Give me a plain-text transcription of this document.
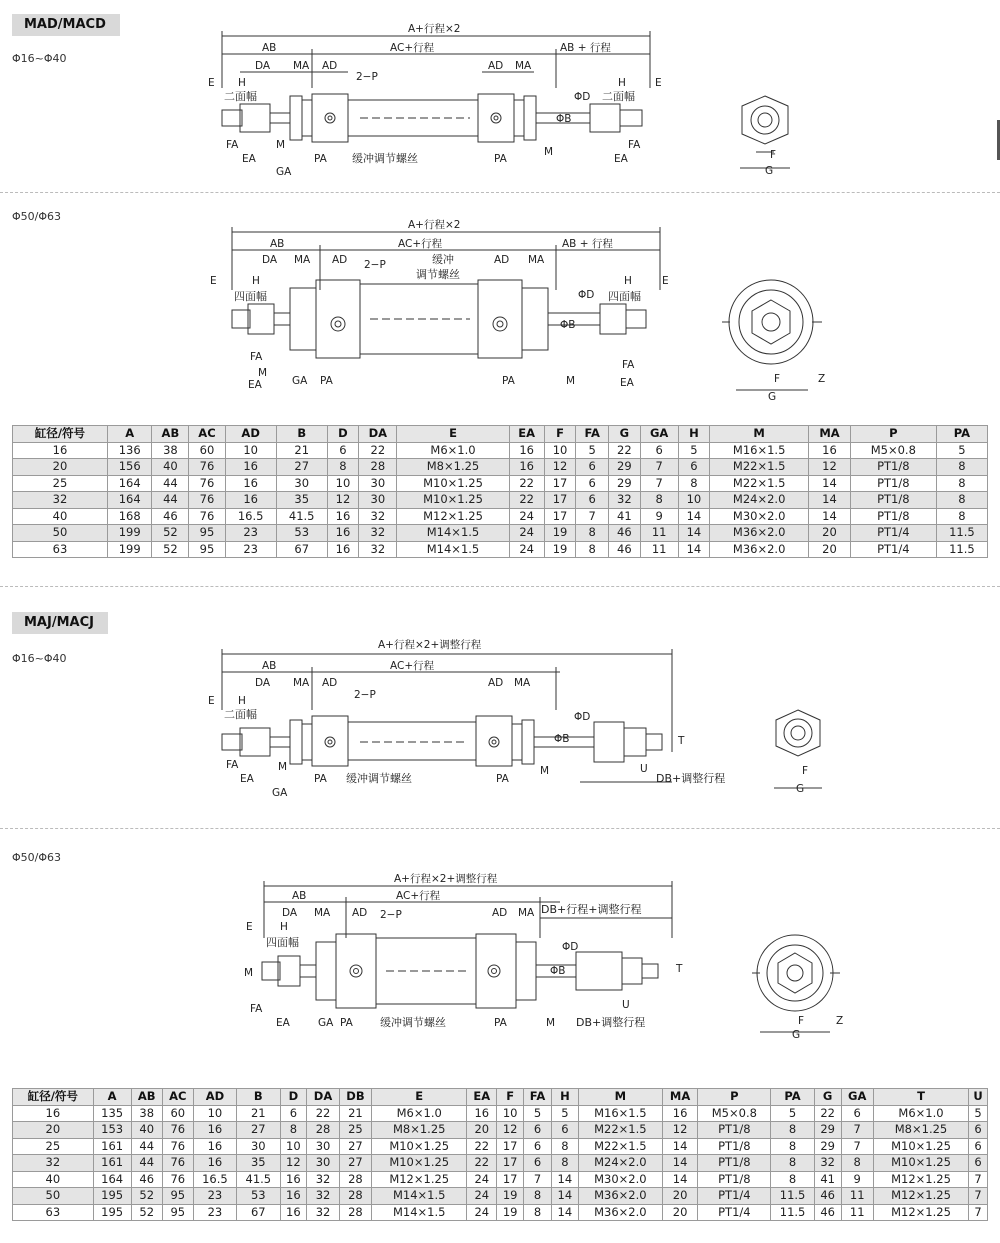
MAD/MACD
Φ16~Φ40
A+行程×2
AB	AC+行程	AB + 行程
DA MA AD
2−P
AD MA
E H
二面幅
FA
EA
GA
M
PA 缓冲调节螺丝	PA
M
ΦB
ΦD
H	E
二面幅
FA
EA	F
G
Φ50/Φ63
A+行程×2
AB	AC+行程	AB + 行程
DA MA AD 2−P	缓冲
调节螺丝
AD MA
E	H
四面幅
FA
M
EA	GA PA	PA	M
ΦB
ΦD
H	E
四面幅
FA
EA	F
G
Z
缸径/符号	A	AB	AC	AD	B	D	DA	E	EA	F	FA	G	GA	H	M	MA	P	PA
16	136	38	60	10	21	6	22	M6×1.0	16	10	5	22	6	5	M16×1.5	16	M5×0.8	5
20	156	40	76	16	27	8	28	M8×1.25	16	12	6	29	7	6	M22×1.5	12	PT1/8	8
25	164	44	76	16	30	10	30	M10×1.25	22	17	6	29	7	8	M22×1.5	14	PT1/8	8
32	164	44	76	16	35	12	30	M10×1.25	22	17	6	32	8	10	M24×2.0	14	PT1/8	8
40	168	46	76	16.5	41.5	16	32	M12×1.25	24	17	7	41	9	14	M30×2.0	14	PT1/8	8
50	199	52	95	23	53	16	32	M14×1.5	24	19	8	46	11	14	M36×2.0	20	PT1/4	11.5
63	199	52	95	23	67	16	32	M14×1.5	24	19	8	46	11	14	M36×2.0	20	PT1/4	11.5
MAJ/MACJ
Φ16~Φ40
A+行程×2+调整行程
AB	AC+行程
DA MA AD
2−P
AD MA
E H
二面幅
FA
EA
GA
M
PA 缓冲调节螺丝	PA
M
ΦB
ΦD
U
T
DB+调整行程
F
G
Φ50/Φ63
A+行程×2+调整行程
AB	AC+行程
DB+行程+调整行程
DA MA AD 2−P	AD MA
E	H
四面幅
M
FA
EA	GA PA 缓冲调节螺丝	PA	M
ΦB
ΦD
U
T
DB+调整行程	F
G
Z
缸径/符号	A	AB	AC	AD	B	D	DA	DB	E	EA	F	FA	H	M	MA	P	PA	G	GA	T	U
16	135	38	60	10	21	6	22	21	M6×1.0	16	10	5	5	M16×1.5	16	M5×0.8	5	22	6	M6×1.0	5
20	153	40	76	16	27	8	28	25	M8×1.25	20	12	6	6	M22×1.5	12	PT1/8	8	29	7	M8×1.25	6
25	161	44	76	16	30	10	30	27	M10×1.25	22	17	6	8	M22×1.5	14	PT1/8	8	29	7	M10×1.25	6
32	161	44	76	16	35	12	30	27	M10×1.25	22	17	6	8	M24×2.0	14	PT1/8	8	32	8	M10×1.25	6
40	164	46	76	16.5	41.5	16	32	28	M12×1.25	24	17	7	14	M30×2.0	14	PT1/8	8	41	9	M12×1.25	7
50	195	52	95	23	53	16	32	28	M14×1.5	24	19	8	14	M36×2.0	20	PT1/4	11.5	46	11	M12×1.25	7
63	195	52	95	23	67	16	32	28	M14×1.5	24	19	8	14	M36×2.0	20	PT1/4	11.5	46	11	M12×1.25	7
